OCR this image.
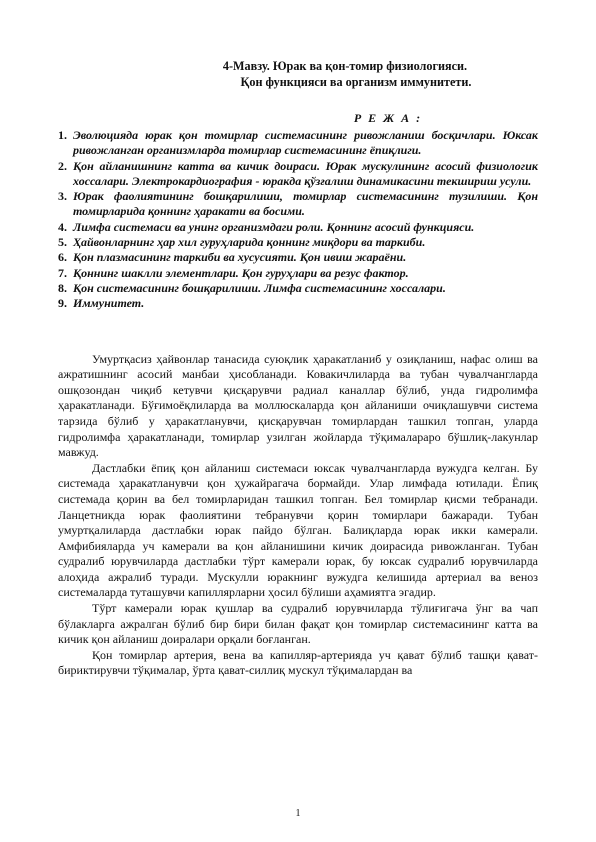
4-Мавзу. Юрак ва қон-томир физиологияси.
Қон функцияси ва организм иммунитети.
Р Е Ж А :
1. Эволюцияда юрак қон томирлар системасининг ривожланиш босқичлари. Юксак ривожланган организмларда томирлар системасининг ёпиқлиги.
2. Қон айланишнинг катта ва кичик доираси. Юрак мускулининг асосий физиологик хоссалари. Электрокардиография - юракда қўзғалиш динамикасини текшириш усули.
3. Юрак фаолиятининг бошқарилиши, томирлар системасининг тузилиши. Қон томирларида қоннинг ҳаракати ва босими.
4. Лимфа системаси ва унинг организмдаги роли. Қоннинг асосий функцияси.
5. Ҳайвонларнинг ҳар хил гуруҳларида қоннинг миқдори ва таркиби.
6. Қон плазмасининг таркиби ва хусусияти. Қон ивиш жараёни.
7. Қоннинг шаклли элементлари. Қон гуруҳлари ва резус фактор.
8. Қон системасининг бошқарилиши. Лимфа системасининг хоссалари.
9. Иммунитет.

Умуртқасиз ҳайвонлар танасида суюқлик ҳаракатланиб у озиқланиш, нафас олиш ва ажратишнинг асосий манбаи ҳисобланади. Ковакичлиларда ва тубан чувалчангларда ошқозондан чиқиб кетувчи қисқарувчи радиал каналлар бўлиб, унда гидролимфа ҳаракатланади. Бўғимоёқлиларда ва моллюскаларда қон айланиши очиқлашувчи система тарзида бўлиб у ҳаракатланувчи, қисқарувчан томирлардан ташкил топган, уларда гидролимфа ҳаракатланади, томирлар узилган жойларда тўқималараро бўшлиқ-лакунлар мавжуд.

Дастлабки ёпиқ қон айланиш системаси юксак чувалчангларда вужудга келган. Бу системада ҳаракатланувчи қон ҳужайрагача бормайди. Улар лимфада ютилади. Ёпиқ системада қорин ва бел томирларидан ташкил топган. Бел томирлар қисми тебранади. Ланцетникда юрак фаолиятини тебранувчи қорин томирлари бажаради. Тубан умуртқалиларда дастлабки юрак пайдо бўлган. Балиқларда юрак икки камерали. Амфибияларда уч камерали ва қон айланишини кичик доирасида ривожланган. Тубан судралиб юрувчиларда дастлабки тўрт камерали юрак, бу юксак судралиб юрувчиларда алоҳида ажралиб туради. Мускулли юракнинг вужудга келишида артериал ва веноз системаларда туташувчи капиллярларни ҳосил бўлиши аҳамиятга эгадир.

Тўрт камерали юрак қушлар ва судралиб юрувчиларда тўлиғигача ўнг ва чап бўлакларга ажралган бўлиб бир бири билан фақат қон томирлар системасининг катта ва кичик қон айланиш доиралари орқали боғланган.

Қон томирлар артерия, вена ва капилляр-артерияда уч қават бўлиб ташқи қават-бириктирувчи тўқималар, ўрта қават-силлиқ мускул тўқималардан ва

1
